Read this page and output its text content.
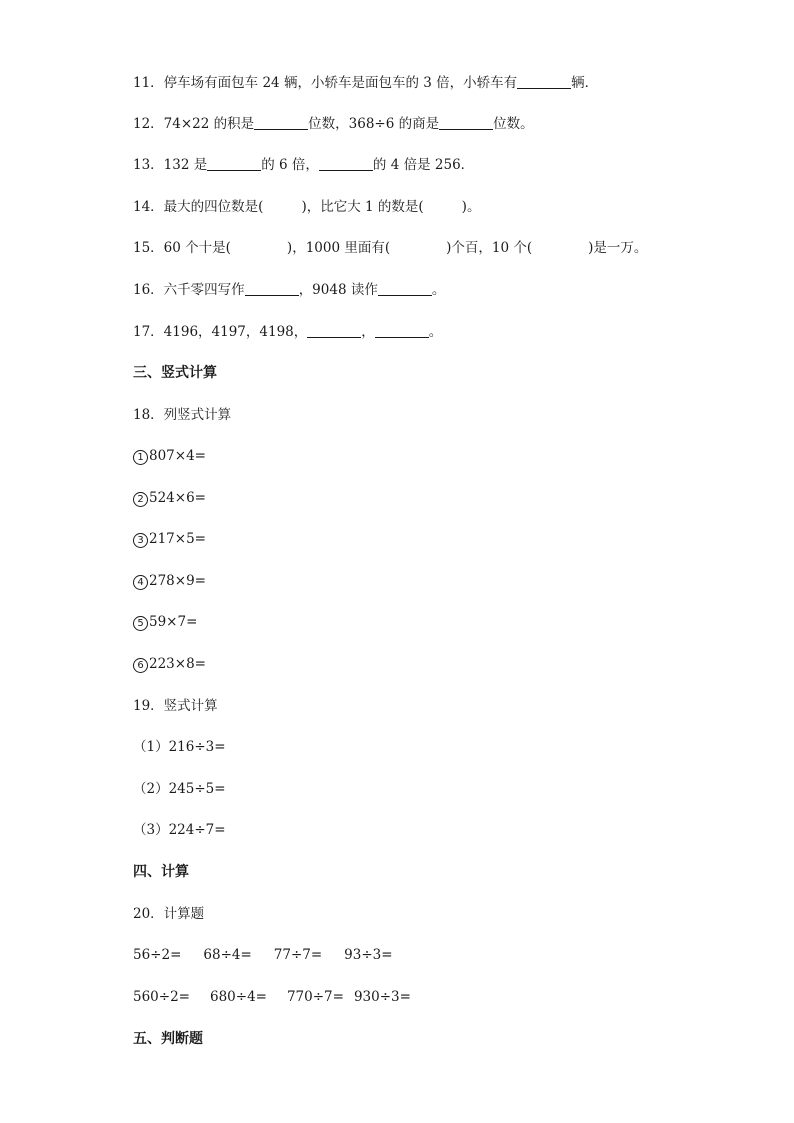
11．停车场有面包车 24 辆，小轿车是面包车的 3 倍，小轿车有	辆．
12．74×22 的积是	位数，368÷6 的商是	位数。
13．132 是	的 6 倍，	的 4 倍是 256．
14．最大的四位数是(	)，比它大 1 的数是(	)。
15．60 个十是(	)，1000 里面有(	)个百，10 个(	)是一万。
16．六千零四写作	，9048 读作	。
17．4196，4197，4198，	，	。
三、竖式计算
18．列竖式计算
1 807×4=
2 524×6=
3 217×5=
4 278×9=
5 59×7=
6 223×8=
19．竖式计算
（1）216÷3=
（2）245÷5=
（3）224÷7=
四、计算
20．计算题
56÷2= 68÷4= 77÷7= 93÷3=
560÷2= 680÷4= 770÷7= 930÷3=
五、判断题
